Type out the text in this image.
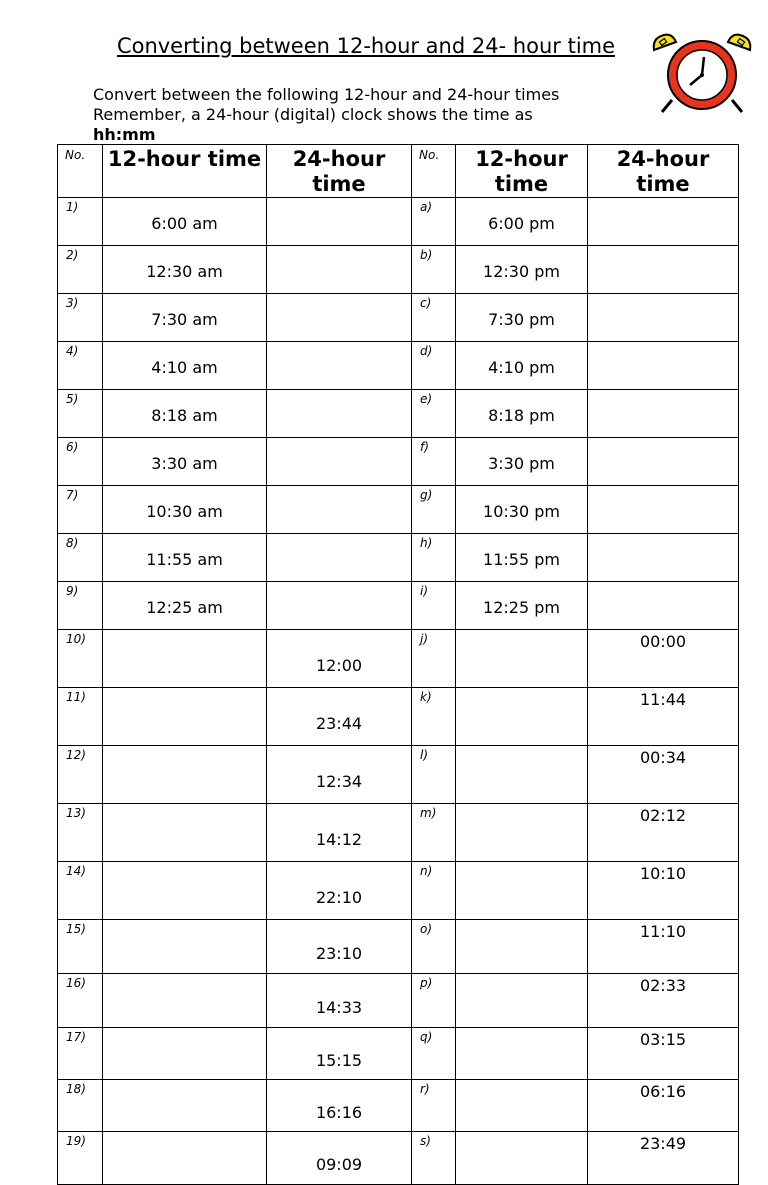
Converting between 12-hour and 24- hour time
Convert between the following 12-hour and 24-hour times
Remember, a 24-hour (digital) clock shows the time as
hh:mm
No.	12-hour time	24-hour time	No.	12-hour time	24-hour time
1)	6:00 am		a)	6:00 pm	
2)	12:30 am		b)	12:30 pm	
3)	7:30 am		c)	7:30 pm	
4)	4:10 am		d)	4:10 pm	
5)	8:18 am		e)	8:18 pm	
6)	3:30 am		f)	3:30 pm	
7)	10:30 am		g)	10:30 pm	
8)	11:55 am		h)	11:55 pm	
9)	12:25 am		i)	12:25 pm	
10)		12:00	j)		00:00
11)		23:44	k)		11:44
12)		12:34	l)		00:34
13)		14:12	m)		02:12
14)		22:10	n)		10:10
15)		23:10	o)		11:10
16)		14:33	p)		02:33
17)		15:15	q)		03:15
18)		16:16	r)		06:16
19)		09:09	s)		23:49
